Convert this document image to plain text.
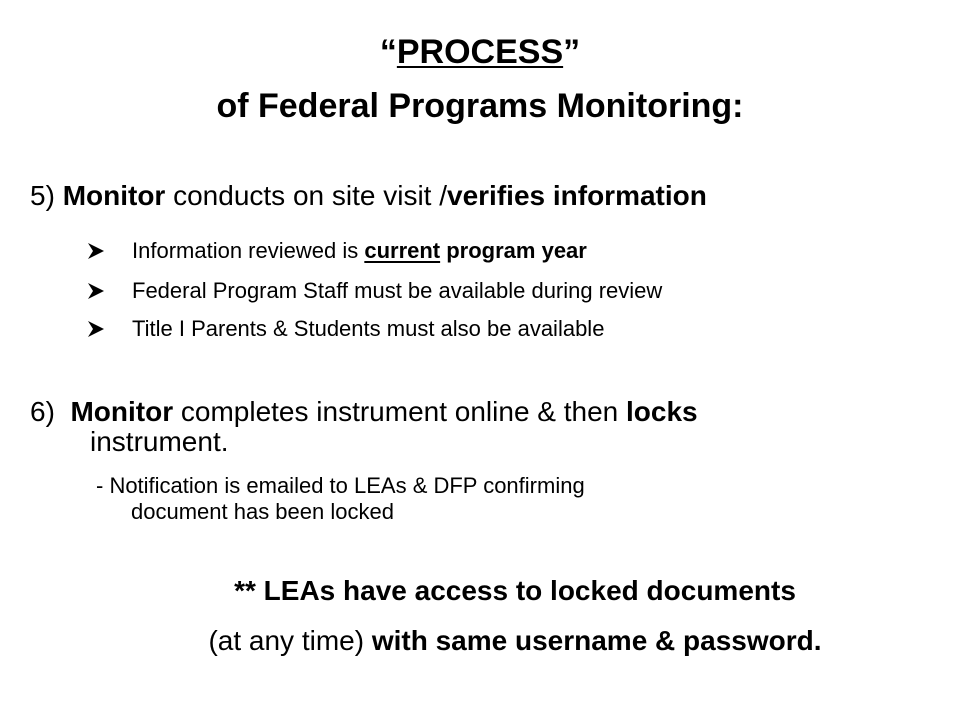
“PROCESS”
of Federal Programs Monitoring:
5) Monitor conducts on site visit /verifies information
Information reviewed is current program year
Federal Program Staff must be available during review
Title I Parents & Students must also be available
6) Monitor completes instrument online & then locks
instrument.
- Notification is emailed to LEAs & DFP confirming
document has been locked
** LEAs have access to locked documents
(at any time) with same username & password.
